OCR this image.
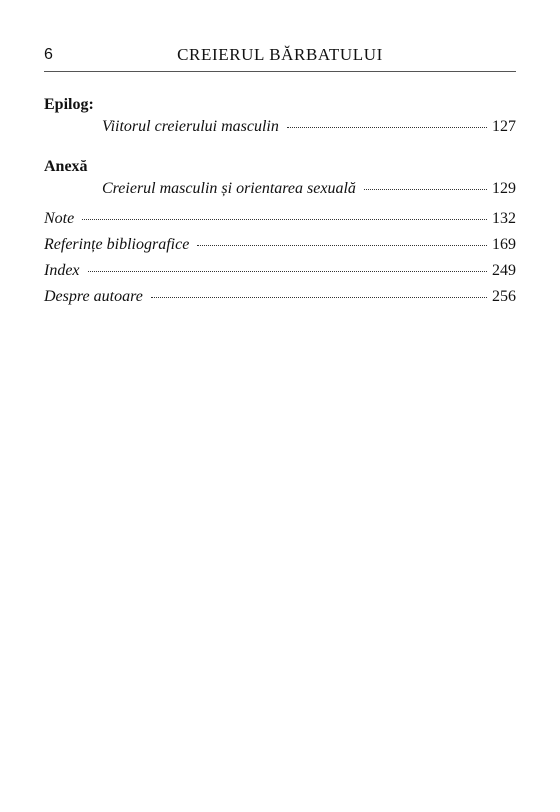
6	CREIERUL BĂRBATULUI
Epilog:
Viitorul creierului masculin	127
Anexă
Creierul masculin și orientarea sexuală	129
Note	132
Referințe bibliografice	169
Index	249
Despre autoare	256
